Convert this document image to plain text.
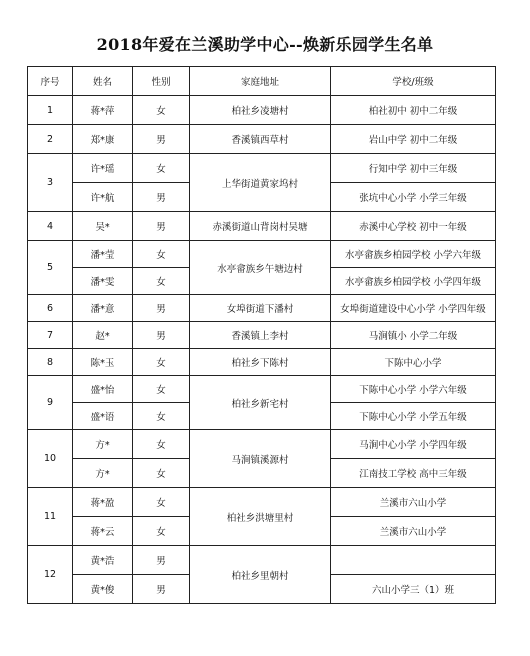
2018年爱在兰溪助学中心--焕新乐园学生名单
序号	姓名	性别	家庭地址	学校/班级
1	蒋*萍	女	柏社乡凌塘村	柏社初中 初中二年级
2	郑*康	男	香溪镇西草村	岩山中学 初中二年级
3	许*瑶	女	上华街道黄家坞村	行知中学 初中三年级
	许*航	男		张坑中心小学 小学三年级
4	吴*	男	赤溪街道山背岗村吴塘	赤溪中心学校 初中一年级
5	潘*莹	女	水亭畲族乡午塘边村	水亭畲族乡柏园学校 小学六年级
	潘*雯	女		水亭畲族乡柏园学校 小学四年级
6	潘*意	男	女埠街道下潘村	女埠街道建设中心小学 小学四年级
7	赵*	男	香溪镇上李村	马涧镇小 小学二年级
8	陈*玉	女	柏社乡下陈村	下陈中心小学
9	盛*怡	女	柏社乡新宅村	下陈中心小学 小学六年级
	盛*语	女		下陈中心小学 小学五年级
10	方*	女	马涧镇溪源村	马涧中心小学 小学四年级
	方*	女		江南技工学校 高中三年级
11	蒋*盈	女	柏社乡洪塘里村	兰溪市六山小学
	蒋*云	女		兰溪市六山小学
12	黄*浩	男	柏社乡里朝村	
	黄*俊	男		六山小学三（1）班
